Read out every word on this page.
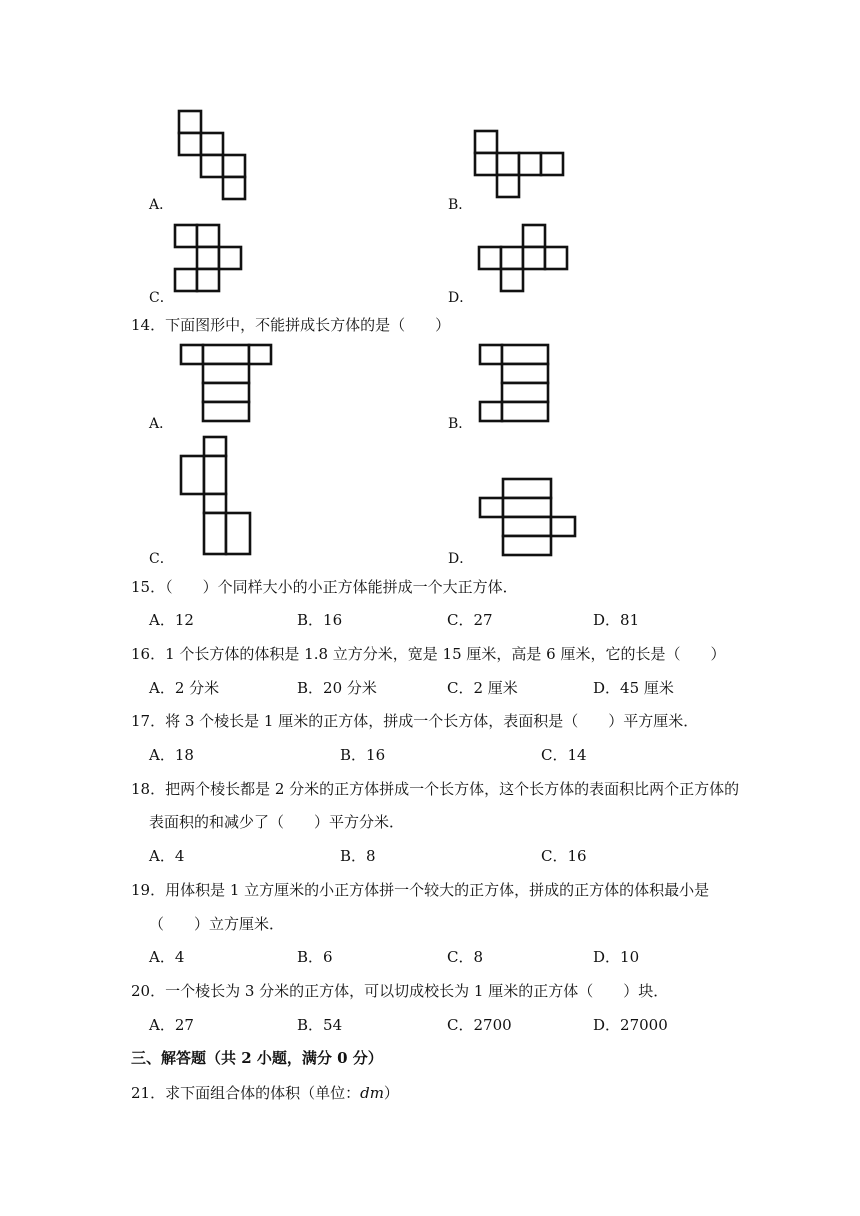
A．	B．
C．	D．
14．下面图形中，不能拼成长方体的是（　　）
A．	B．
C．	D．
15．（　　）个同样大小的小正方体能拼成一个大正方体．
A．12	B．16	C．27	D．81
16．1 个长方体的体积是 1.8 立方分米，宽是 15 厘米，高是 6 厘米，它的长是（　　）
A．2 分米	B．20 分米	C．2 厘米	D．45 厘米
17．将 3 个棱长是 1 厘米的正方体，拼成一个长方体，表面积是（　　）平方厘米．
A．18	B．16	C．14
18．把两个棱长都是 2 分米的正方体拼成一个长方体，这个长方体的表面积比两个正方体的
表面积的和减少了（　　）平方分米．
A．4	B．8	C．16
19．用体积是 1 立方厘米的小正方体拼一个较大的正方体，拼成的正方体的体积最小是
（　　）立方厘米．
A．4	B．6	C．8	D．10
20．一个棱长为 3 分米的正方体，可以切成校长为 1 厘米的正方体（　　）块．
A．27	B．54	C．2700	D．27000
三、解答题（共 2 小题，满分 0 分）
21．求下面组合体的体积（单位：dm）
